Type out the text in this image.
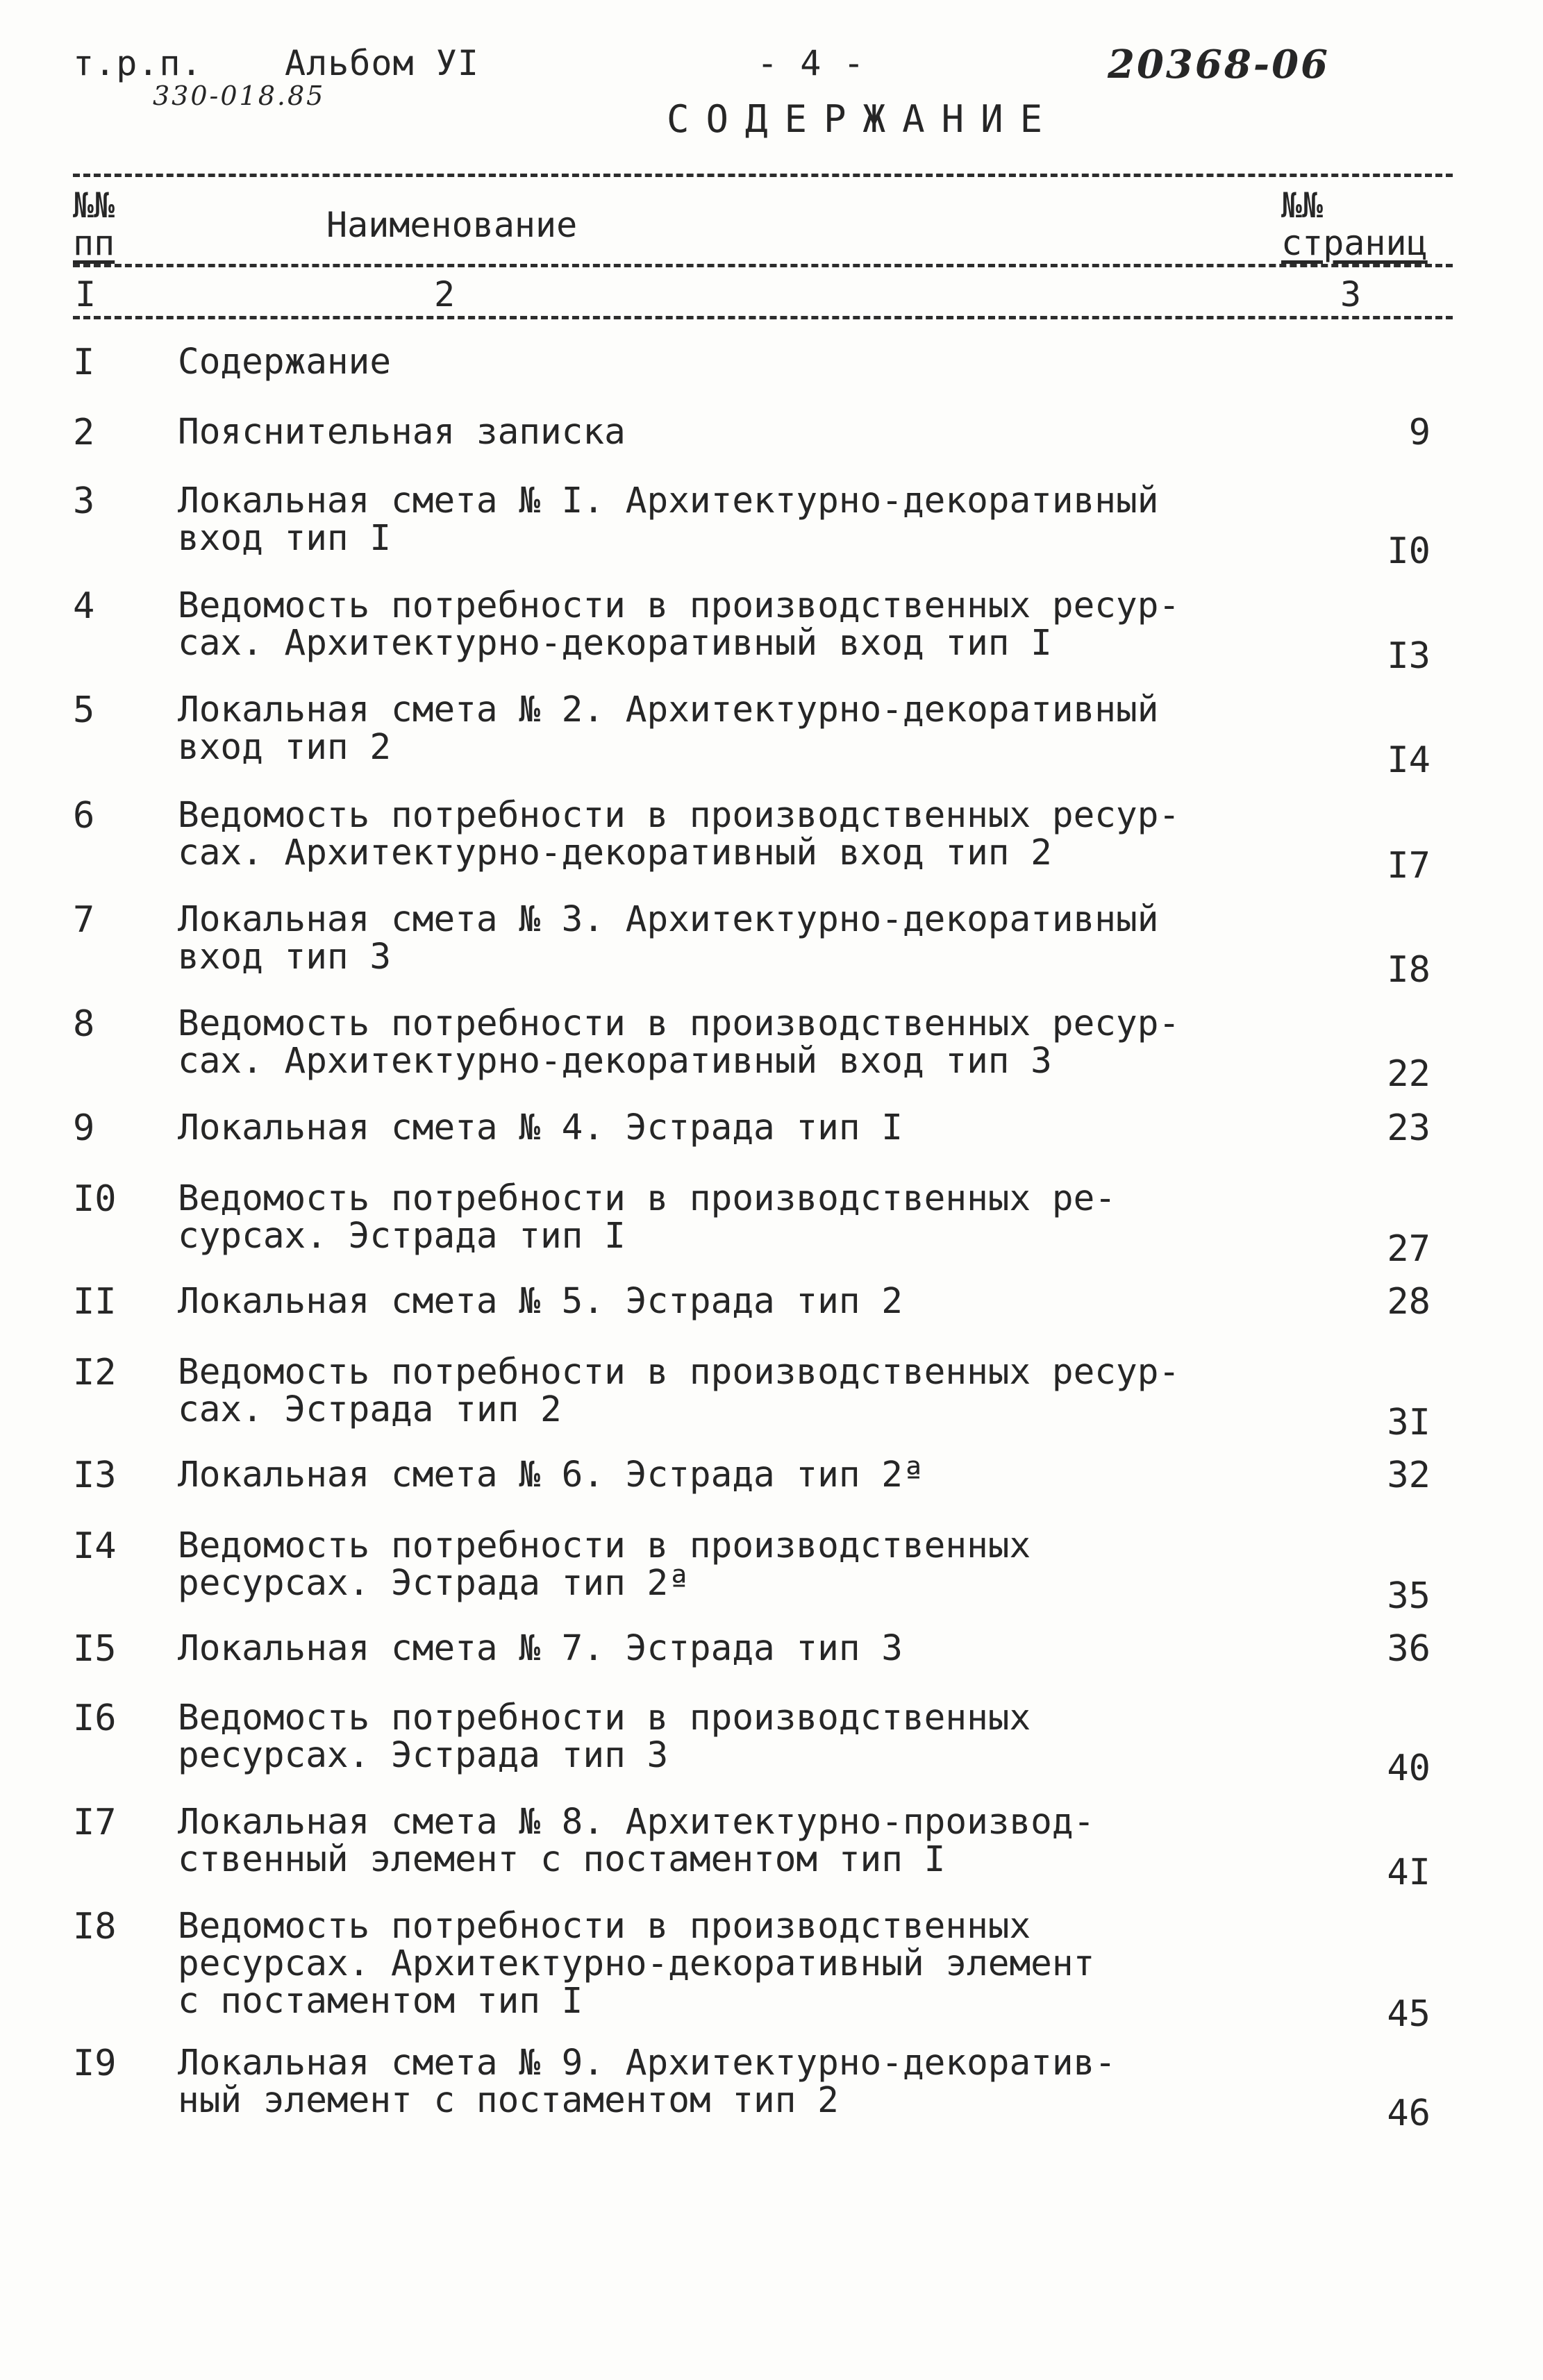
т.р.п. Альбом УI	- 4 -	20368-06
330-018.85
СОДЕРЖАНИЕ
№№
пп	Наименование	№№
страниц
I	2	3
I	Содержание
2	Пояснительная записка	9
3	Локальная смета № I. Архитектурно-декоративный
вход тип I	I0
4	Ведомость потребности в производственных ресур-
сах. Архитектурно-декоративный вход тип I	I3
5	Локальная смета № 2. Архитектурно-декоративный
вход тип 2	I4
6	Ведомость потребности в производственных ресур-
сах. Архитектурно-декоративный вход тип 2	I7
7	Локальная смета № 3. Архитектурно-декоративный
вход тип 3	I8
8	Ведомость потребности в производственных ресур-
сах. Архитектурно-декоративный вход тип 3	22
9	Локальная смета № 4. Эстрада тип I	23
I0	Ведомость потребности в производственных ре-
сурсах. Эстрада тип I	27
II	Локальная смета № 5. Эстрада тип 2	28
I2	Ведомость потребности в производственных ресур-
сах. Эстрада тип 2	3I
I3	Локальная смета № 6. Эстрада тип 2ª	32
I4	Ведомость потребности в производственных
ресурсах. Эстрада тип 2ª	35
I5	Локальная смета № 7. Эстрада тип 3	36
I6	Ведомость потребности в производственных
ресурсах. Эстрада тип 3	40
I7	Локальная смета № 8. Архитектурно-производ-
ственный элемент с постаментом тип I	4I
I8	Ведомость потребности в производственных
ресурсах. Архитектурно-декоративный элемент
с постаментом тип I	45
I9	Локальная смета № 9. Архитектурно-декоратив-
ный элемент с постаментом тип 2	46
